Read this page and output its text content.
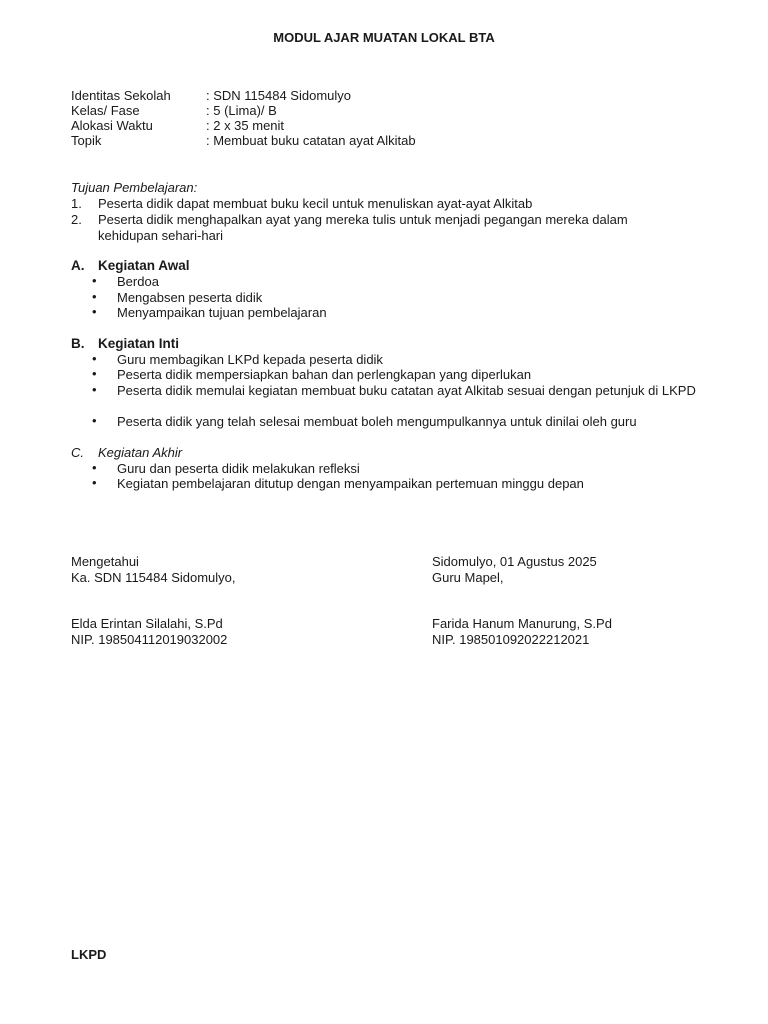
MODUL AJAR MUATAN LOKAL BTA
Identitas Sekolah	: SDN 115484 Sidomulyo
Kelas/ Fase	: 5 (Lima)/ B
Alokasi Waktu	: 2 x 35 menit
Topik	: Membuat buku catatan ayat Alkitab
Tujuan Pembelajaran:
1. Peserta didik dapat membuat buku kecil untuk menuliskan ayat-ayat Alkitab
2. Peserta didik menghapalkan ayat yang mereka tulis untuk menjadi pegangan mereka dalam kehidupan sehari-hari
A. Kegiatan Awal
• Berdoa
• Mengabsen peserta didik
• Menyampaikan tujuan pembelajaran
B. Kegiatan Inti
• Guru membagikan LKPd kepada peserta didik
• Peserta didik mempersiapkan bahan dan perlengkapan yang diperlukan
• Peserta didik memulai kegiatan membuat buku catatan ayat Alkitab sesuai dengan petunjuk di LKPD
• Peserta didik yang telah selesai membuat boleh mengumpulkannya untuk dinilai oleh guru
C. Kegiatan Akhir
• Guru dan peserta didik melakukan refleksi
• Kegiatan pembelajaran ditutup dengan menyampaikan pertemuan minggu depan
Mengetahui
Ka. SDN 115484 Sidomulyo,
Elda Erintan Silalahi, S.Pd
NIP. 198504112019032002
Sidomulyo, 01 Agustus 2025
Guru Mapel,
Farida Hanum Manurung, S.Pd
NIP. 198501092022212021
LKPD
